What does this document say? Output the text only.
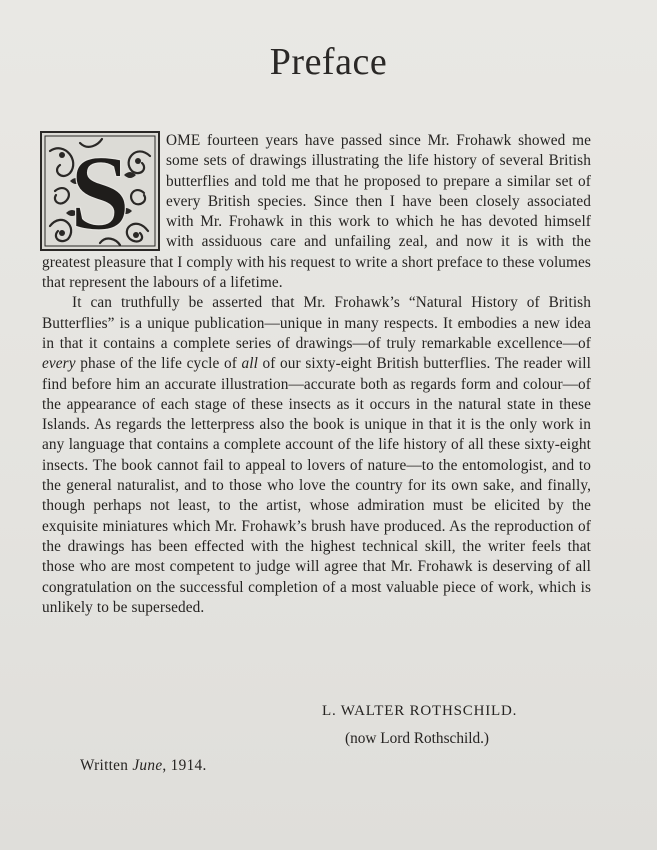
Preface
S	OME fourteen years have passed since Mr. Frohawk showed me some sets of drawings illustrating the life history of several British butterflies and told me that he proposed to prepare a similar set of every British species. Since then I have been closely associated with Mr. Frohawk in this work to which he has devoted himself with assiduous care and unfailing zeal, and now it is with the greatest pleasure that I comply with his request to write a short preface to these volumes that represent the labours of a lifetime.

It can truthfully be asserted that Mr. Frohawk’s “Natural History of British Butterflies” is a unique publication—unique in many respects. It embodies a new idea in that it contains a complete series of drawings—of truly remarkable excellence—of every phase of the life cycle of all of our sixty-eight British butterflies. The reader will find before him an accurate illustration—accurate both as regards form and colour—of the appearance of each stage of these insects as it occurs in the natural state in these Islands. As regards the letterpress also the book is unique in that it is the only work in any language that contains a complete account of the life history of all these sixty-eight insects. The book cannot fail to appeal to lovers of nature—to the entomologist, and to the general naturalist, and to those who love the country for its own sake, and finally, though perhaps not least, to the artist, whose admiration must be elicited by the exquisite miniatures which Mr. Frohawk’s brush have produced. As the reproduction of the drawings has been effected with the highest technical skill, the writer feels that those who are most competent to judge will agree that Mr. Frohawk is deserving of all congratulation on the successful completion of a most valuable piece of work, which is unlikely to be superseded.

L. WALTER ROTHSCHILD.
(now Lord Rothschild.)
Written June, 1914.
